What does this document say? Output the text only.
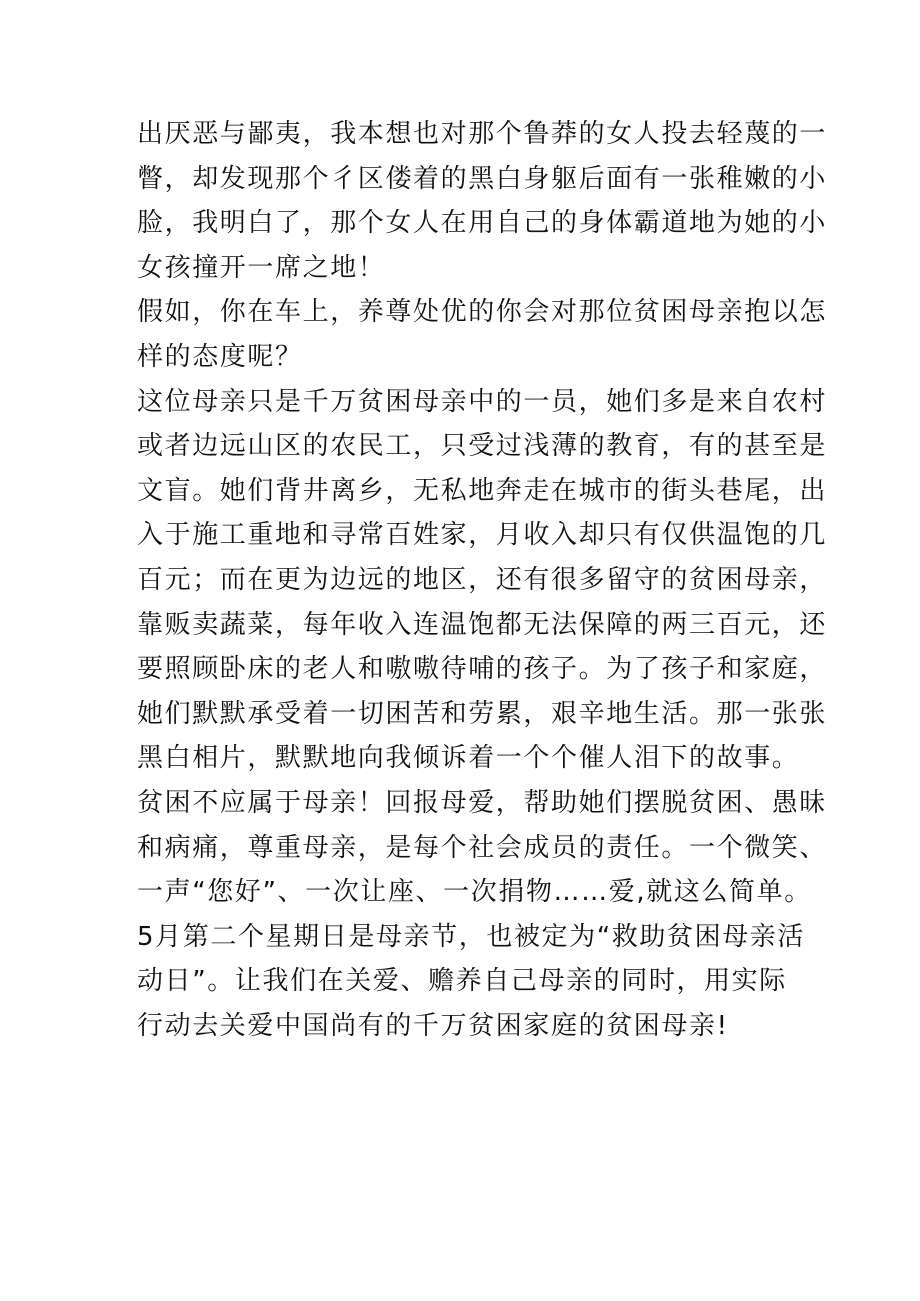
出厌恶与鄙夷，我本想也对那个鲁莽的女人投去轻蔑的一
瞥，却发现那个彳区偻着的黑白身躯后面有一张稚嫩的小
脸，我明白了，那个女人在用自己的身体霸道地为她的小
女孩撞开一席之地！
假如，你在车上，养尊处优的你会对那位贫困母亲抱以怎
样的态度呢？
这位母亲只是千万贫困母亲中的一员，她们多是来自农村
或者边远山区的农民工，只受过浅薄的教育，有的甚至是
文盲。她们背井离乡，无私地奔走在城市的街头巷尾，出
入于施工重地和寻常百姓家，月收入却只有仅供温饱的几
百元；而在更为边远的地区，还有很多留守的贫困母亲，
靠贩卖蔬菜，每年收入连温饱都无法保障的两三百元，还
要照顾卧床的老人和嗷嗷待哺的孩子。为了孩子和家庭，
她们默默承受着一切困苦和劳累，艰辛地生活。那一张张
黑白相片，默默地向我倾诉着一个个催人泪下的故事。
贫困不应属于母亲！回报母爱，帮助她们摆脱贫困、愚昧
和病痛，尊重母亲，是每个社会成员的责任。一个微笑、
一声“您好”、一次让座、一次捐物……爱,就这么简单。
5月第二个星期日是母亲节，也被定为“救助贫困母亲活
动日”。让我们在关爱、赡养自己母亲的同时，用实际
行动去关爱中国尚有的千万贫困家庭的贫困母亲!
